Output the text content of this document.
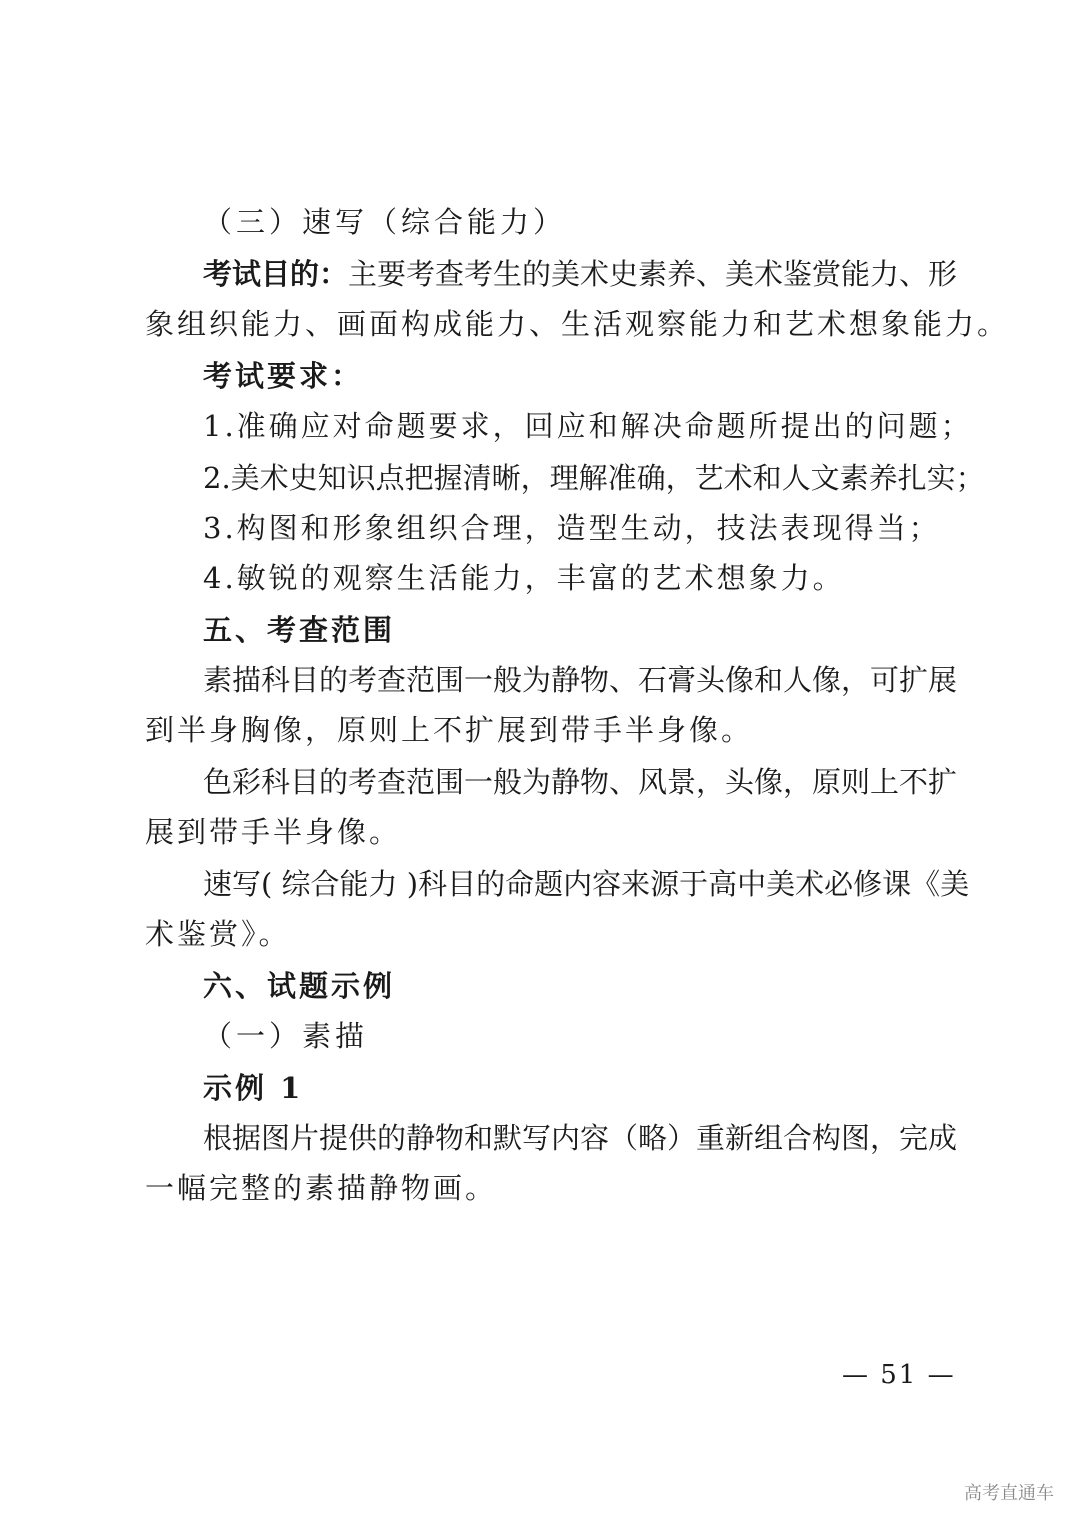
（三）速写（综合能力）
考试目的：主要考查考生的美术史素养、美术鉴赏能力、形
象组织能力、画面构成能力、生活观察能力和艺术想象能力。
考试要求：
1.准确应对命题要求，回应和解决命题所提出的问题；
2.美术史知识点把握清晰，理解准确，艺术和人文素养扎实；
3.构图和形象组织合理，造型生动，技法表现得当；
4.敏锐的观察生活能力，丰富的艺术想象力。
五、考查范围
素描科目的考查范围一般为静物、石膏头像和人像，可扩展
到半身胸像，原则上不扩展到带手半身像。
色彩科目的考查范围一般为静物、风景，头像，原则上不扩
展到带手半身像。
速写( 综合能力 )科目的命题内容来源于高中美术必修课《美
术鉴赏》。
六、试题示例
（一）素描
示例 1
根据图片提供的静物和默写内容（略）重新组合构图，完成
一幅完整的素描静物画。
— 51 —
高考直通车
